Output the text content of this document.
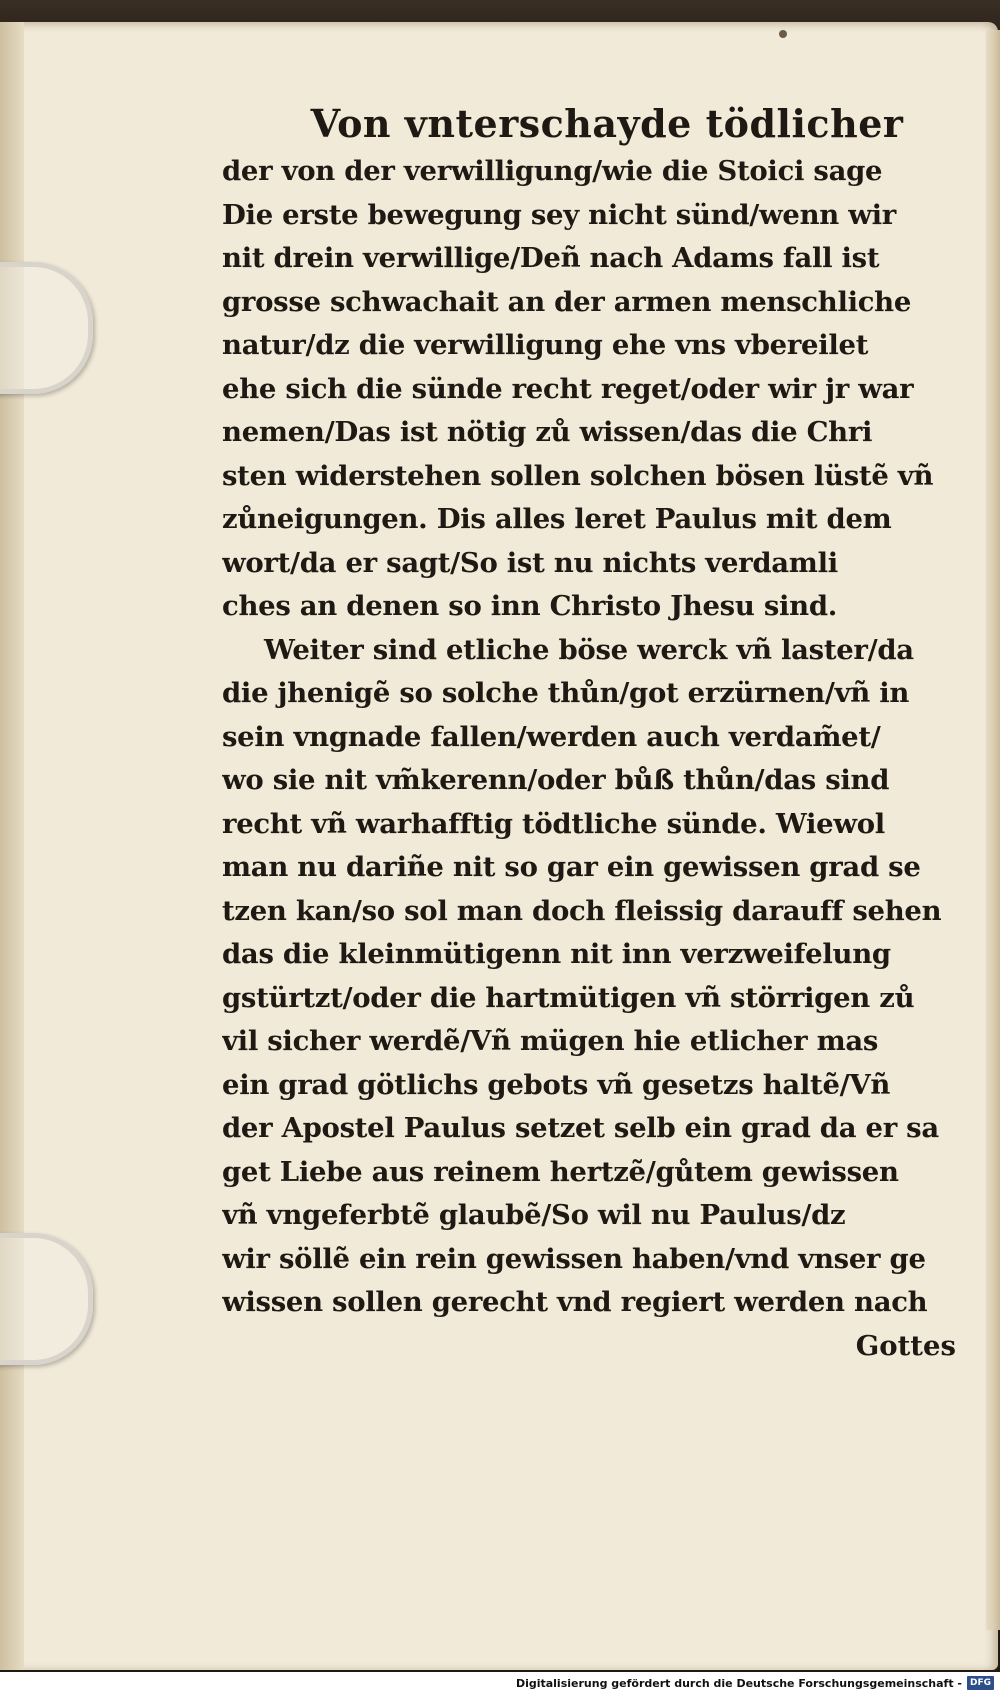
Von vnterschayde tödlicher
der von der verwilligung/wie die Stoici sage
Die erste bewegung sey nicht sünd/wenn wir
nit drein verwillige/Deñ nach Adams fall ist
grosse schwachait an der armen menschliche
natur/dz die verwilligung ehe vns vbereilet
ehe sich die sünde recht reget/oder wir jr war
nemen/Das ist nötig zů wissen/das die Chri
sten widerstehen sollen solchen bösen lüstẽ vñ
zůneigungen. Dis alles leret Paulus mit dem
wort/da er sagt/So ist nu nichts verdamli
ches an denen so inn Christo Jhesu sind.
Weiter sind etliche böse werck vñ laster/da
die jhenigẽ so solche thůn/got erzürnen/vñ in
sein vngnade fallen/werden auch verdam̃et/
wo sie nit vm̃kerenn/oder bůß thůn/das sind
recht vñ warhafftig tödtliche sünde. Wiewol
man nu dariñe nit so gar ein gewissen grad se
tzen kan/so sol man doch fleissig darauff sehen
das die kleinmütigenn nit inn verzweifelung
gstürtzt/oder die hartmütigen vñ störrigen zů
vil sicher werdẽ/Vñ mügen hie etlicher mas
ein grad götlichs gebots vñ gesetzs haltẽ/Vñ
der Apostel Paulus setzet selb ein grad da er sa
get Liebe aus reinem hertzẽ/gůtem gewissen
vñ vngeferbtẽ glaubẽ/So wil nu Paulus/dz
wir söllẽ ein rein gewissen haben/vnd vnser ge
wissen sollen gerecht vnd regiert werden nach
Gottes
Digitalisierung gefördert durch die Deutsche Forschungsgemeinschaft - DFG
